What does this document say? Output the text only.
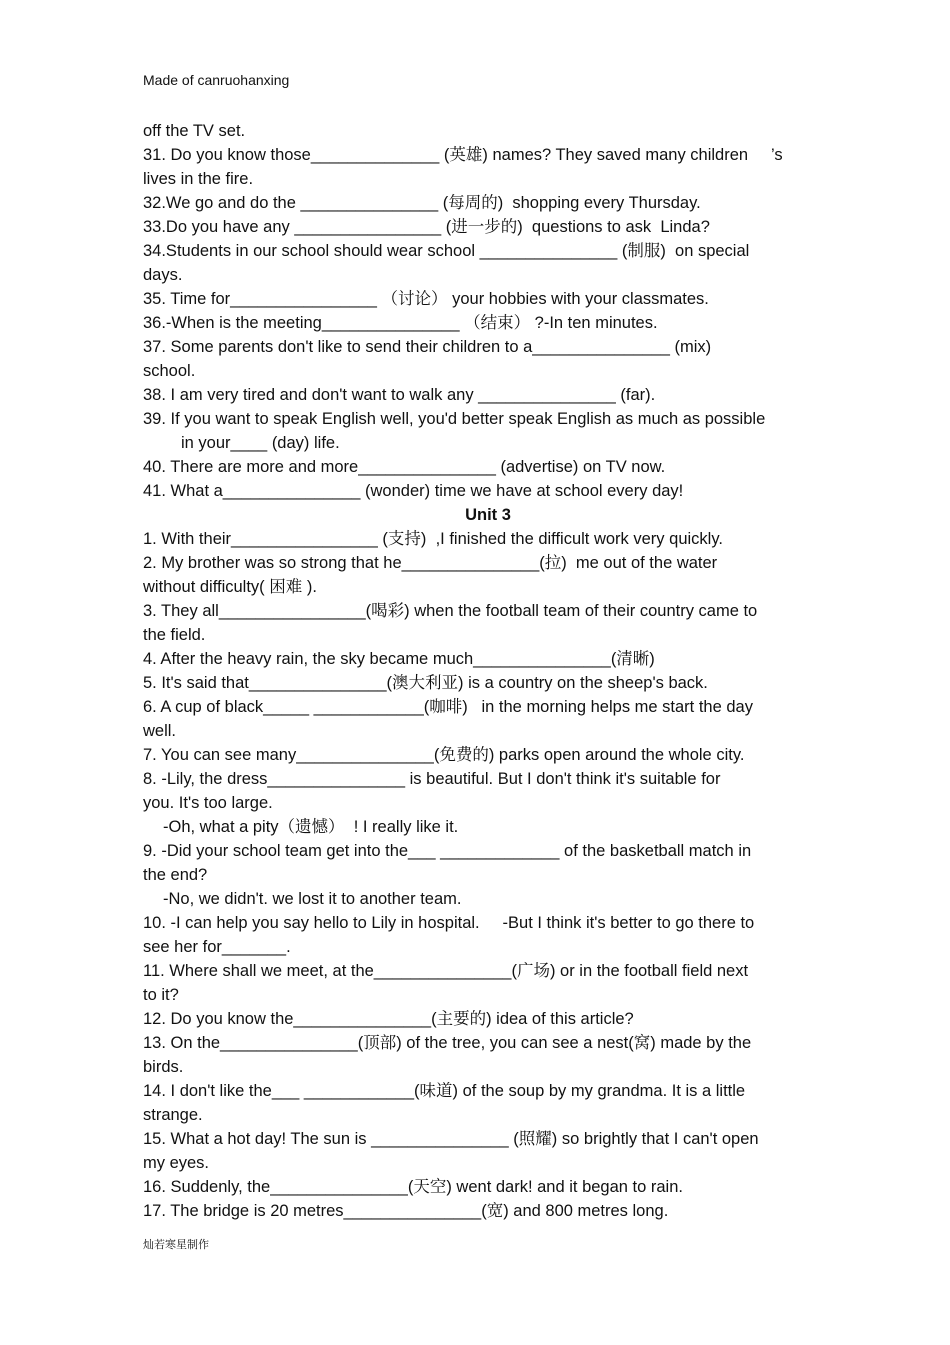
Made of canruohanxing
off the TV set.
31. Do you know those______________ (英雄) names? They saved many children     ’s
lives in the fire.
32.We go and do the _______________ (每周的)  shopping every Thursday.
33.Do you have any ________________ (进一步的)  questions to ask  Linda?
34.Students in our school should wear school _______________ (制服)  on special
days.
35. Time for________________ （讨论） your hobbies with your classmates.
36.-When is the meeting_______________ （结束） ?-In ten minutes.
37. Some parents don't like to send their children to a_______________ (mix)
school.
38. I am very tired and don't want to walk any _______________ (far).
39. If you want to speak English well, you'd better speak English as much as possible
in your____ (day) life.
40. There are more and more_______________ (advertise) on TV now.
41. What a_______________ (wonder) time we have at school every day!
Unit 3
1. With their________________ (支持)  ,I finished the difficult work very quickly.
2. My brother was so strong that he_______________(拉)  me out of the water
without difficulty( 困难 ).
3. They all________________(喝彩) when the football team of their country came to
the field.
4. After the heavy rain, the sky became much_______________(清晰)
5. It's said that_______________(澳大利亚) is a country on the sheep's back.
6. A cup of black_____ ____________(咖啡)   in the morning helps me start the day
well.
7. You can see many_______________(免费的) parks open around the whole city.
8. -Lily, the dress_______________ is beautiful. But I don't think it's suitable for
you. It's too large.
-Oh, what a pity（遗憾）  ! I really like it.
9. -Did your school team get into the___ _____________ of the basketball match in
the end?
-No, we didn't. we lost it to another team.
10. -I can help you say hello to Lily in hospital.     -But I think it's better to go there to
see her for_______.
11. Where shall we meet, at the_______________(广场) or in the football field next
to it?
12. Do you know the_______________(主要的) idea of this article?
13. On the_______________(顶部) of the tree, you can see a nest(窝) made by the
birds.
14. I don't like the___ ____________(味道) of the soup by my grandma. It is a little
strange.
15. What a hot day! The sun is _______________ (照耀) so brightly that I can't open
my eyes.
16. Suddenly, the_______________(天空) went dark! and it began to rain.
17. The bridge is 20 metres_______________(宽) and 800 metres long.
灿若寒星制作
